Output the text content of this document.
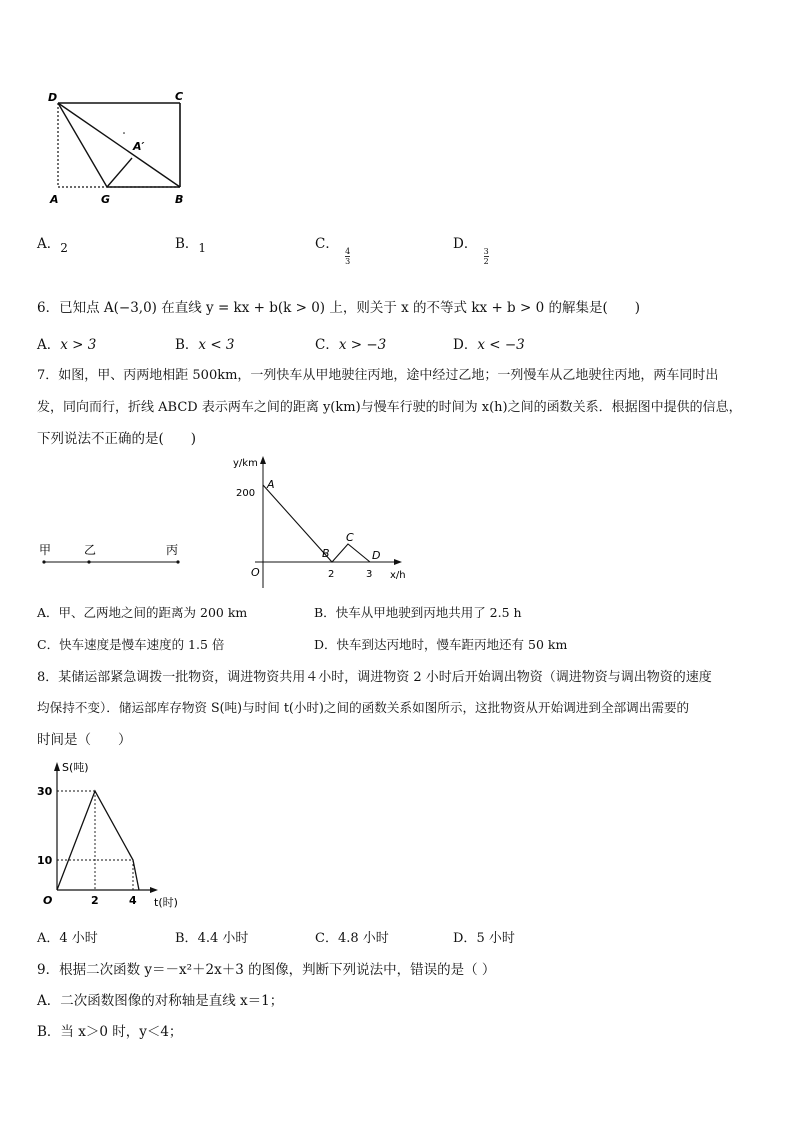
D	C
A′
A	G	B
A．2	B．1	C．
$\frac{4}{3}$
D．
$\frac{3}{2}$
6．已知点 A(−3,0) 在直线 y = kx + b(k > 0) 上，则关于 x 的不等式 kx + b > 0 的解集是(　　)
A．x > 3	B．x < 3	C．x > −3	D．x < −3
7．如图，甲、丙两地相距 500km，一列快车从甲地驶往丙地，途中经过乙地；一列慢车从乙地驶往丙地，两车同时出
发，同向而行，折线 ABCD 表示两车之间的距离 y(km)与慢车行驶的时间为 x(h)之间的函数关系．根据图中提供的信息，
下列说法不正确的是(　　)
甲	乙	丙
y/km
x/h
O
200
2	3
A
B
C
D
A．甲、乙两地之间的距离为 200 km	B．快车从甲地驶到丙地共用了 2.5 h
C．快车速度是慢车速度的 1.5 倍	D．快车到达丙地时，慢车距丙地还有 50 km
8．某储运部紧急调拨一批物资，调进物资共用４小时，调进物资 2 小时后开始调出物资（调进物资与调出物资的速度
均保持不变）．储运部库存物资 S(吨)与时间 t(小时)之间的函数关系如图所示，这批物资从开始调进到全部调出需要的
时间是（　　）
S(吨)
t(时)
O
30
10
2	4
A．4 小时	B．4.4 小时	C．4.8 小时	D．5 小时
9．根据二次函数 y＝－x²＋2x＋3 的图像，判断下列说法中，错误的是（ ）
A．二次函数图像的对称轴是直线 x＝1；
B．当 x＞0 时，y＜4；
